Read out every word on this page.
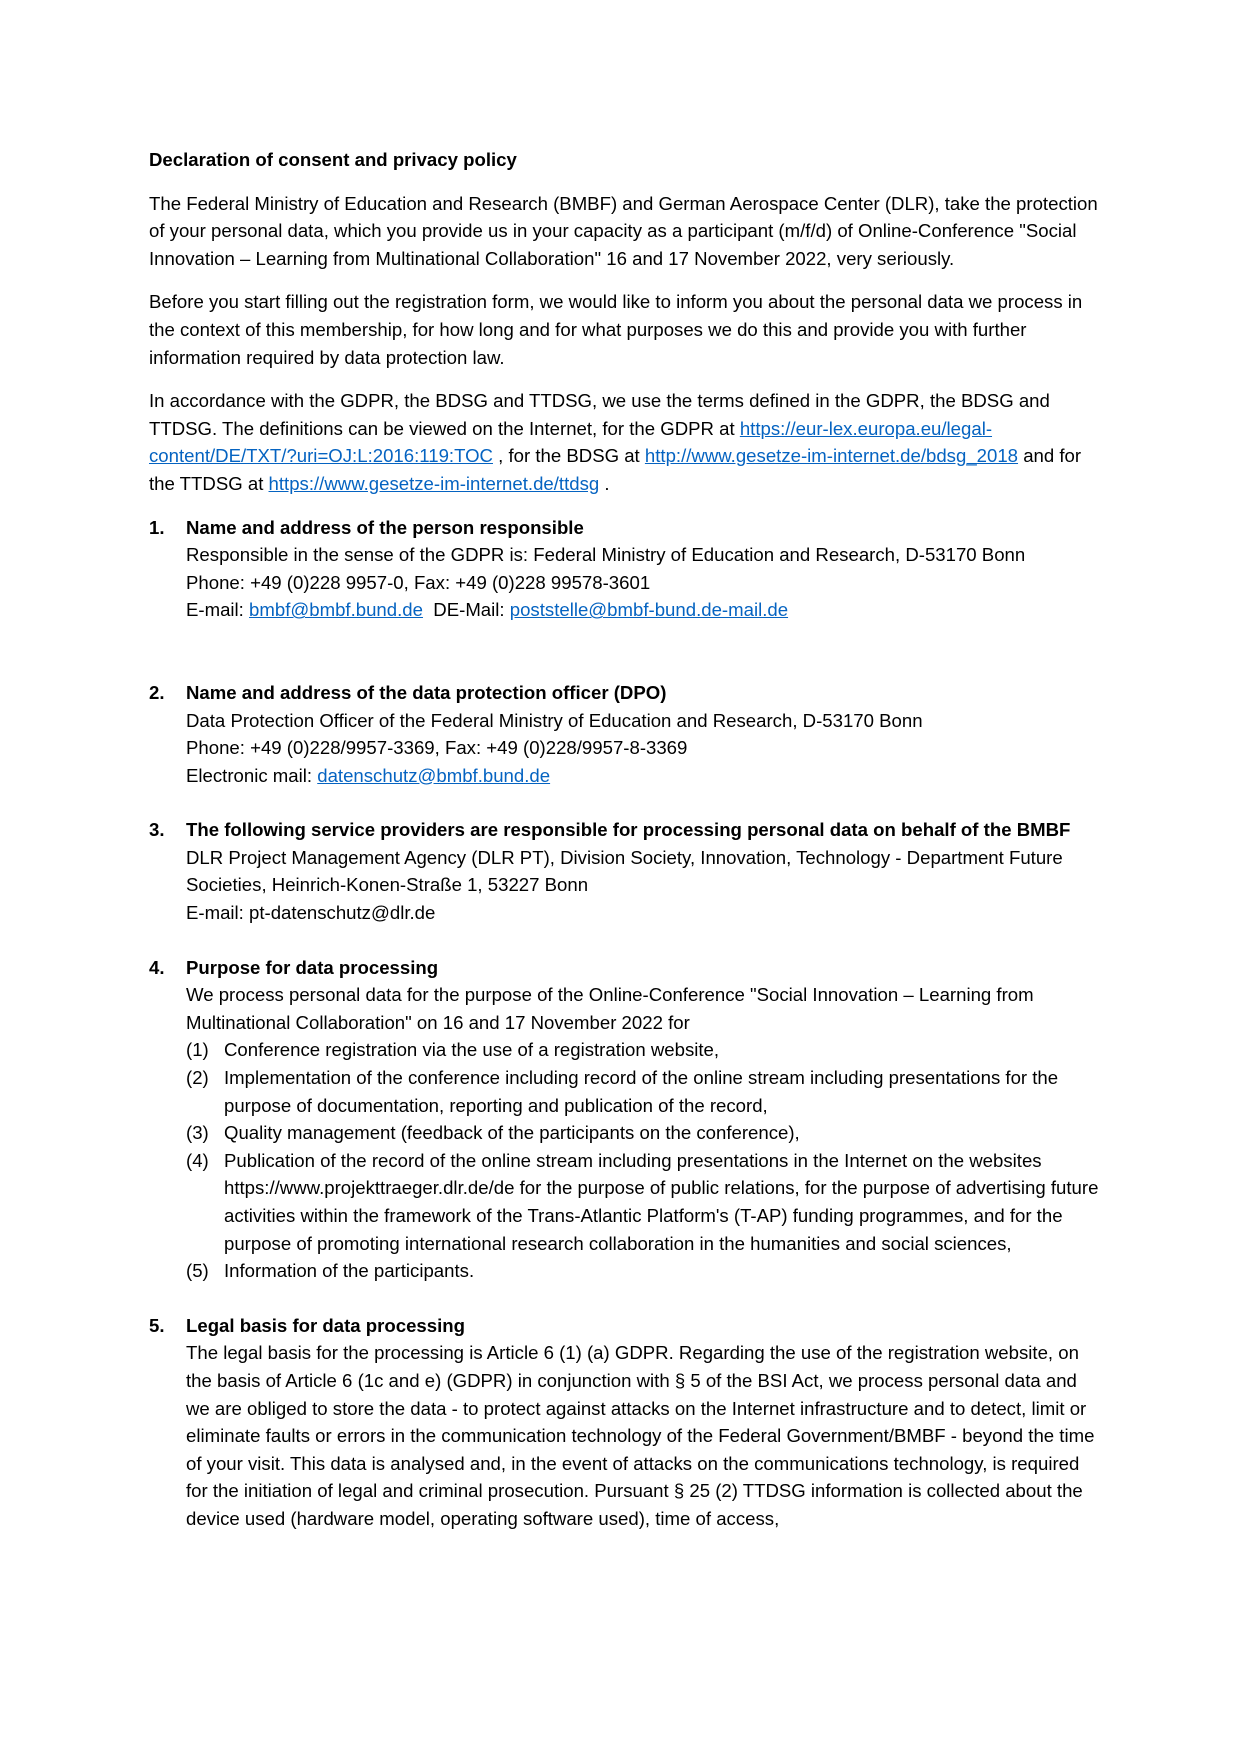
Declaration of consent and privacy policy

The Federal Ministry of Education and Research (BMBF) and German Aerospace Center (DLR), take the protection of your personal data, which you provide us in your capacity as a participant (m/f/d) of Online-Conference "Social Innovation – Learning from Multinational Collaboration" 16 and 17 November 2022, very seriously.

Before you start filling out the registration form, we would like to inform you about the personal data we process in the context of this membership, for how long and for what purposes we do this and provide you with further information required by data protection law.

In accordance with the GDPR, the BDSG and TTDSG, we use the terms defined in the GDPR, the BDSG and TTDSG. The definitions can be viewed on the Internet, for the GDPR at https://eur-lex.europa.eu/legal-content/DE/TXT/?uri=OJ:L:2016:119:TOC , for the BDSG at http://www.gesetze-im-internet.de/bdsg_2018 and for the TTDSG at https://www.gesetze-im-internet.de/ttdsg .

1. Name and address of the person responsible

Responsible in the sense of the GDPR is: Federal Ministry of Education and Research, D-53170 Bonn

Phone: +49 (0)228 9957-0, Fax: +49 (0)228 99578-3601

E-mail: bmbf@bmbf.bund.de  DE-Mail: poststelle@bmbf-bund.de-mail.de

2. Name and address of the data protection officer (DPO)

Data Protection Officer of the Federal Ministry of Education and Research, D-53170 Bonn

Phone: +49 (0)228/9957-3369, Fax: +49 (0)228/9957-8-3369

Electronic mail: datenschutz@bmbf.bund.de

3. The following service providers are responsible for processing personal data on behalf of the BMBF

DLR Project Management Agency (DLR PT), Division Society, Innovation, Technology - Department Future Societies, Heinrich-Konen-Straße 1, 53227 Bonn

E-mail: pt-datenschutz@dlr.de

4. Purpose for data processing

We process personal data for the purpose of the Online-Conference "Social Innovation – Learning from Multinational Collaboration" on 16 and 17 November 2022 for

(1) Conference registration via the use of a registration website,

(2) Implementation of the conference including record of the online stream including presentations for the purpose of documentation, reporting and publication of the record,

(3) Quality management (feedback of the participants on the conference),

(4) Publication of the record of the online stream including presentations in the Internet on the websites https://www.projekttraeger.dlr.de/de for the purpose of public relations, for the purpose of advertising future activities within the framework of the Trans-Atlantic Platform's (T-AP) funding programmes, and for the purpose of promoting international research collaboration in the humanities and social sciences,

(5) Information of the participants.

5. Legal basis for data processing

The legal basis for the processing is Article 6 (1) (a) GDPR. Regarding the use of the registration website, on the basis of Article 6 (1c and e) (GDPR) in conjunction with § 5 of the BSI Act, we process personal data and we are obliged to store the data - to protect against attacks on the Internet infrastructure and to detect, limit or eliminate faults or errors in the communication technology of the Federal Government/BMBF - beyond the time of your visit. This data is analysed and, in the event of attacks on the communications technology, is required for the initiation of legal and criminal prosecution. Pursuant § 25 (2) TTDSG information is collected about the device used (hardware model, operating software used), time of access,
